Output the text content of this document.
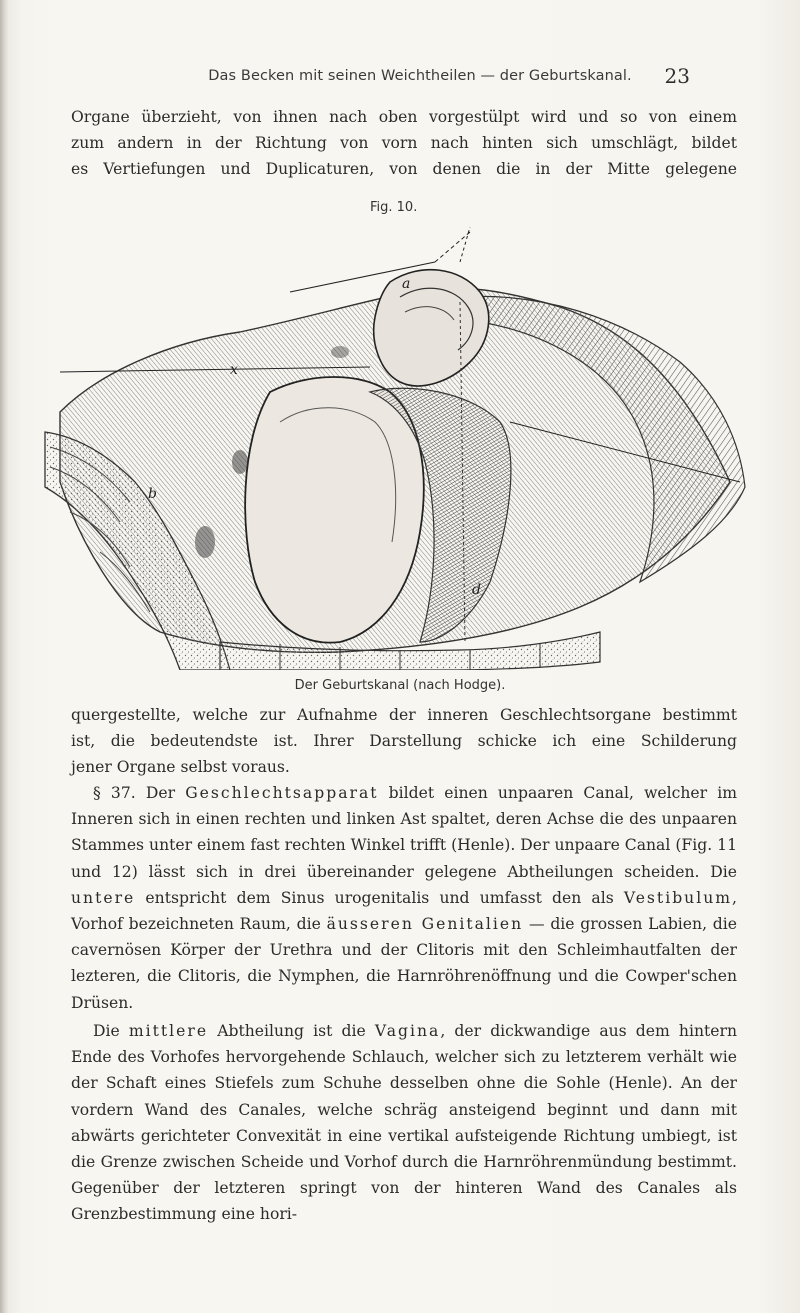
Das Becken mit seinen Weichtheilen — der Geburtskanal.	23

Organe überzieht, von ihnen nach oben vorgestülpt wird und so von einem

zum andern in der Richtung von vorn nach hinten sich umschlägt, bildet

es Vertiefungen und Duplicaturen, von denen die in der Mitte gelegene

Fig. 10.
a
x
b
d
Der Geburtskanal (nach Hodge).

quergestellte, welche zur Aufnahme der inneren Geschlechtsorgane bestimmt

ist, die bedeutendste ist. Ihrer Darstellung schicke ich eine Schilderung

jener Organe selbst voraus.

§ 37. Der Geschlechtsapparat bildet einen unpaaren Canal, welcher im Inneren sich in einen rechten und linken Ast spaltet, deren Achse die des unpaaren Stammes unter einem fast rechten Winkel trifft (Henle). Der unpaare Canal (Fig. 11 und 12) lässt sich in drei übereinander gelegene Abtheilungen scheiden. Die untere entspricht dem Sinus urogenitalis und umfasst den als Vestibulum, Vorhof bezeichneten Raum, die äusseren Genitalien — die grossen Labien, die cavernösen Körper der Urethra und der Clitoris mit den Schleimhautfalten der lezteren, die Clitoris, die Nymphen, die Harnröhrenöffnung und die Cowper'schen Drüsen.

Die mittlere Abtheilung ist die Vagina, der dickwandige aus dem hintern Ende des Vorhofes hervorgehende Schlauch, welcher sich zu letzterem verhält wie der Schaft eines Stiefels zum Schuhe desselben ohne die Sohle (Henle). An der vordern Wand des Canales, welche schräg ansteigend beginnt und dann mit abwärts gerichteter Convexität in eine vertikal aufsteigende Richtung umbiegt, ist die Grenze zwischen Scheide und Vorhof durch die Harnröhrenmündung bestimmt. Gegenüber der letzteren springt von der hinteren Wand des Canales als Grenzbestimmung eine hori-
